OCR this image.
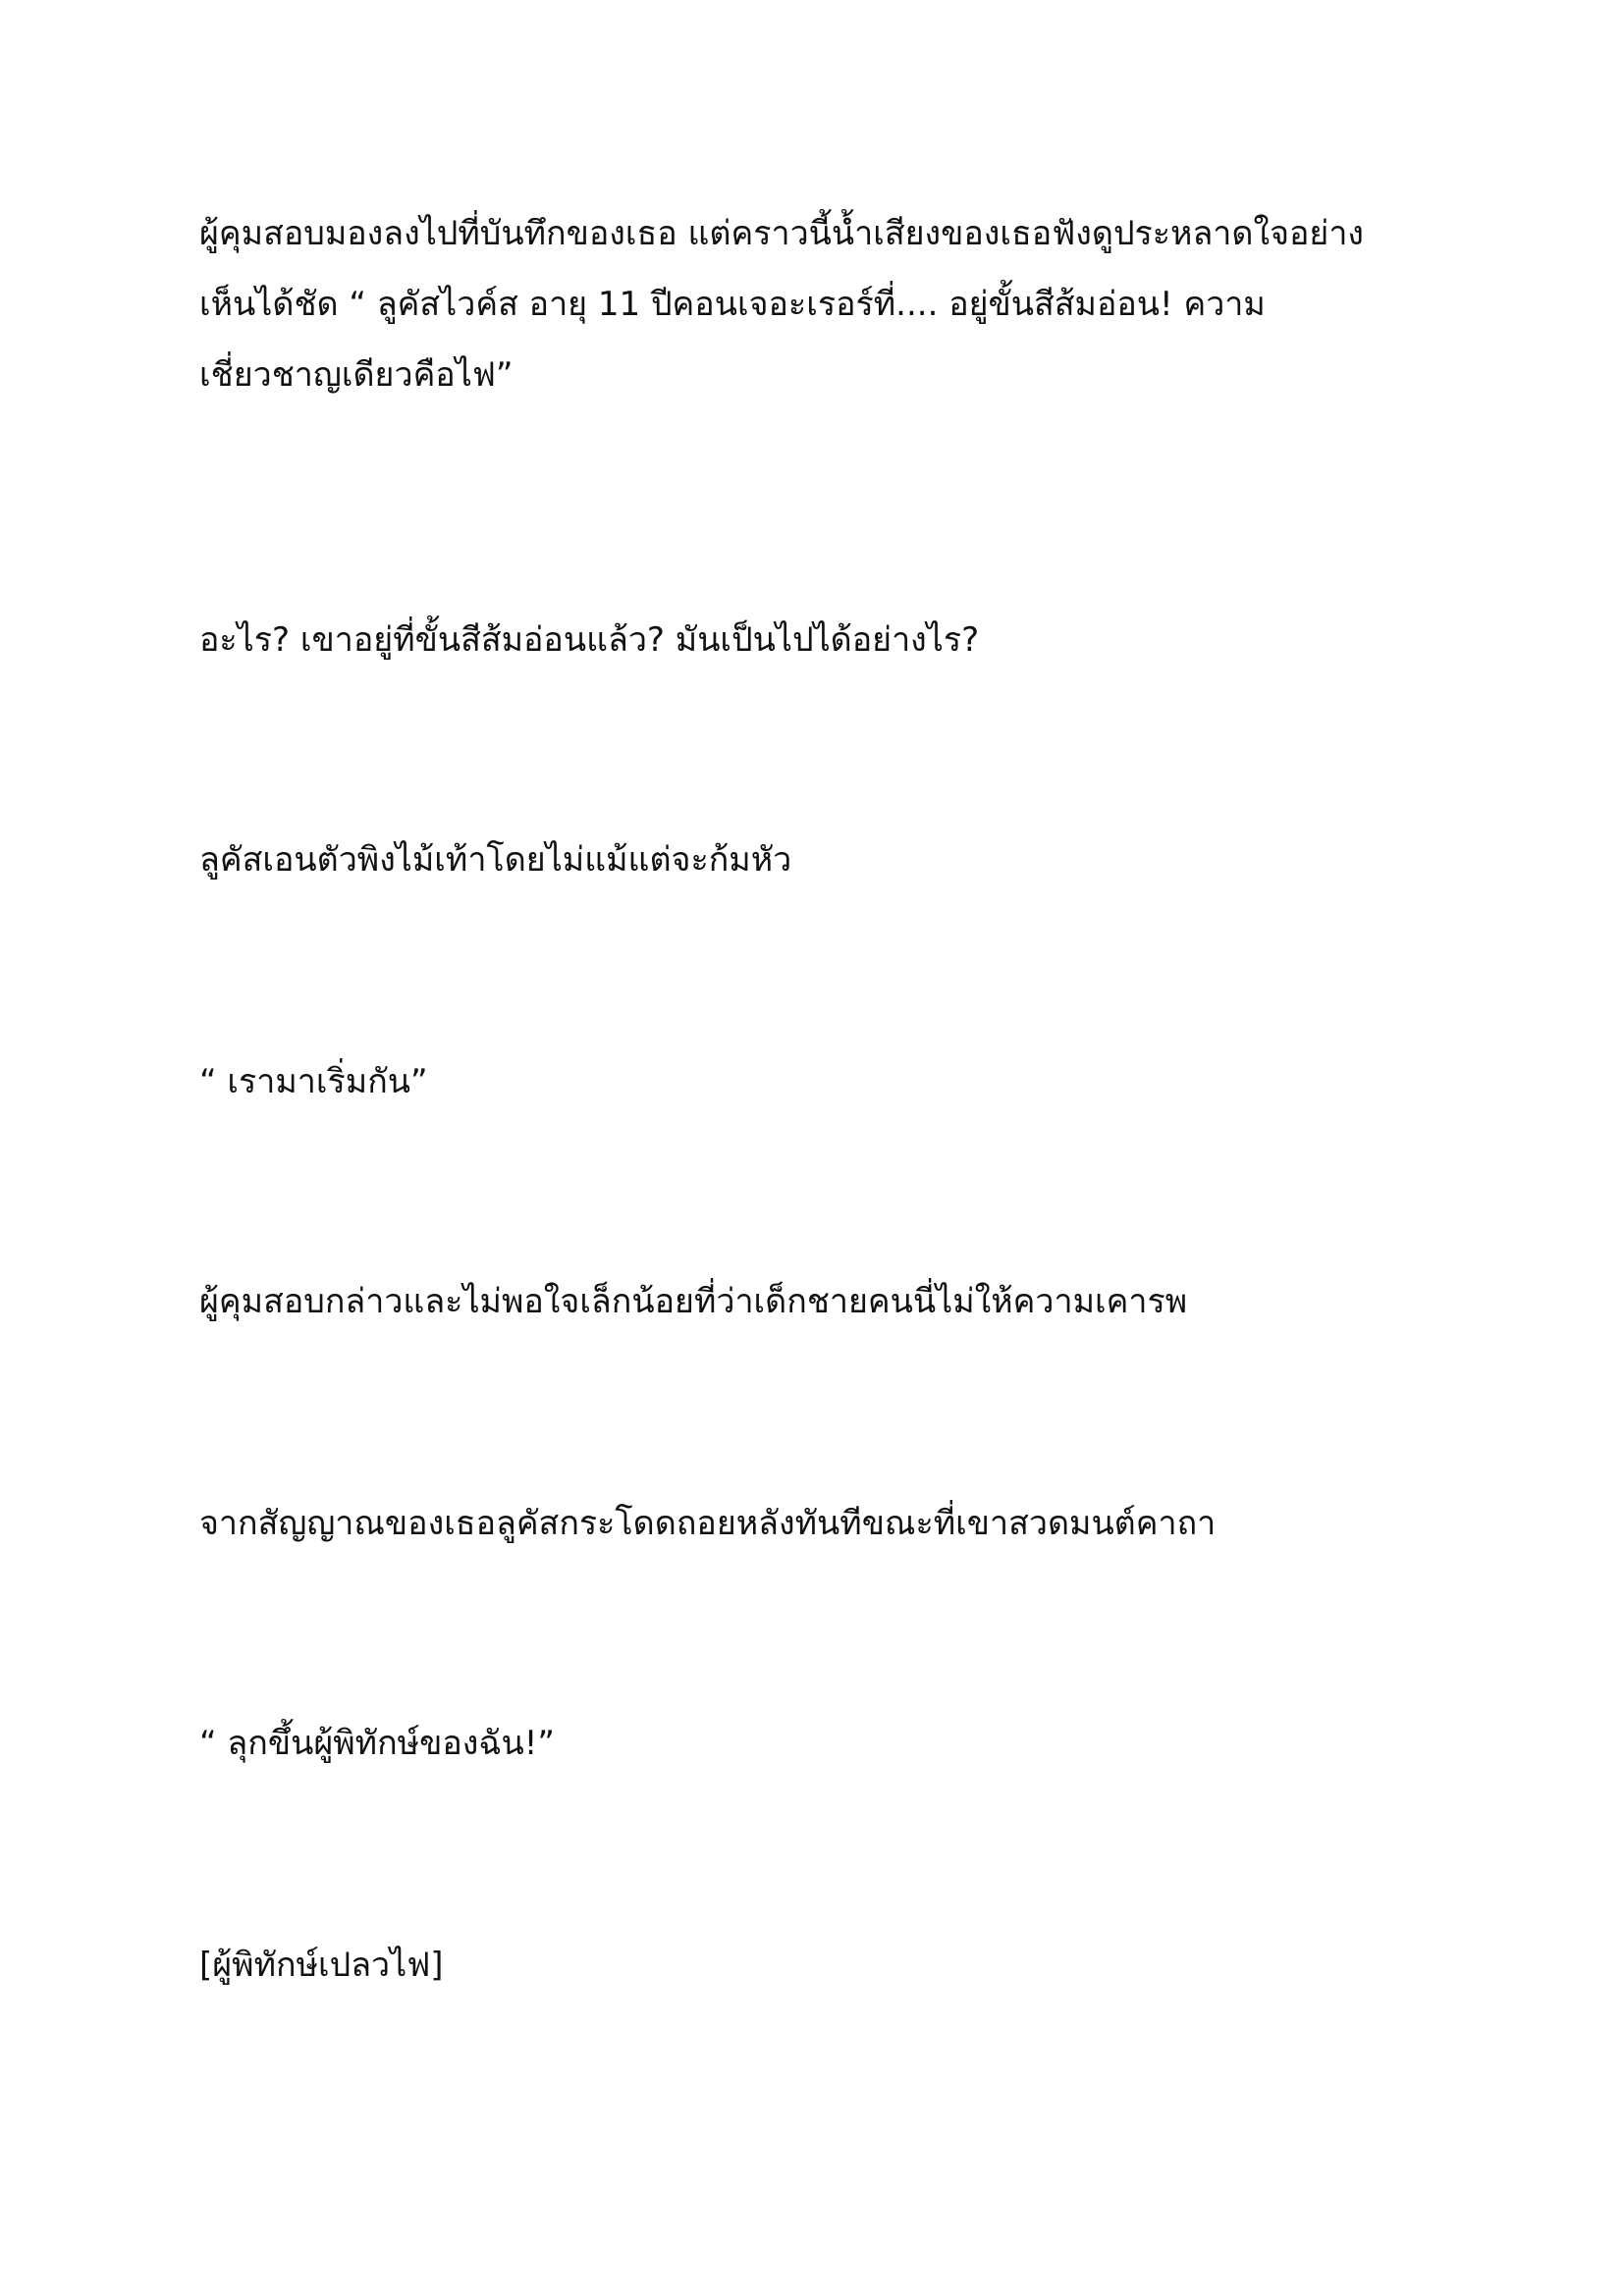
ผู้คุมสอบมองลงไปที่บันทึกของเธอ แต่คราวนี้น้ำเสียงของเธอฟังดูประหลาดใจอย่าง
เห็นได้ชัด “ ลูคัสไวค์ส อายุ 11 ปีคอนเจอะเรอร์ที่.... อยู่ขั้นสีส้มอ่อน! ความ
เชี่ยวชาญเดียวคือไฟ”

อะไร? เขาอยู่ที่ขั้นสีส้มอ่อนแล้ว? มันเป็นไปได้อย่างไร?

ลูคัสเอนตัวพิงไม้เท้าโดยไม่แม้แต่จะก้มหัว

“ เรามาเริ่มกัน”

ผู้คุมสอบกล่าวและไม่พอใจเล็กน้อยที่ว่าเด็กชายคนนี่ไม่ให้ความเคารพ

จากสัญญาณของเธอลูคัสกระโดดถอยหลังทันทีขณะที่เขาสวดมนต์คาถา

“ ลุกขึ้นผู้พิทักษ์ของฉัน!”

[ผู้พิทักษ์เปลวไฟ]
